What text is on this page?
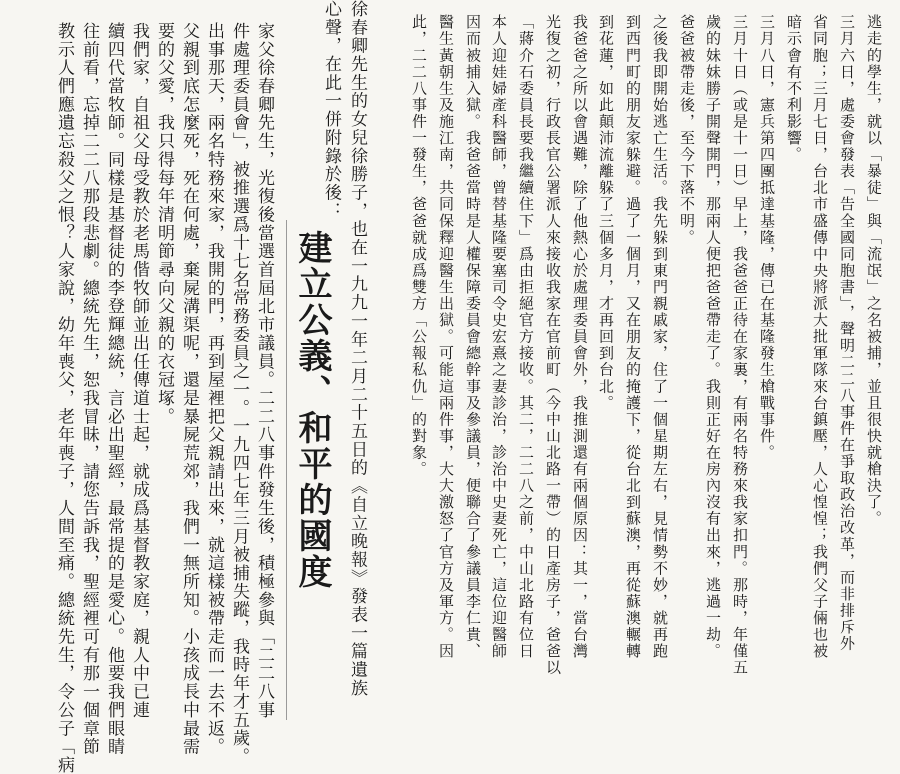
逃走的學生，就以「暴徒」與「流氓」之名被捕，並且很快就槍決了。
三月六日，處委會發表「告全國同胞書」，聲明二二八事件在爭取政治改革，而非排斥外
省同胞；三月七日，台北市盛傳中央將派大批軍隊來台鎮壓，人心惶惶；我們父子倆也被
暗示會有不利影響。
三月八日，憲兵第四團抵達基隆，傳已在基隆發生槍戰事件。
三月十日（或是十一日）早上，我爸爸正待在家裏，有兩名特務來我家扣門。那時，年僅五
歲的妹妹勝子開聲開門，那兩人便把爸爸帶走了。我則正好在房內沒有出來，逃過一劫。
爸爸被帶走後，至今下落不明。
之後我即開始逃亡生活。我先躲到東門親戚家，住了一個星期左右，見情勢不妙，就再跑
到西門町的朋友家躲避。過了一個月，又在朋友的掩護下，從台北到蘇澳，再從蘇澳輾轉
到花蓮，如此顛沛流離躲了三個多月，才再回到台北。
我爸爸之所以會遇難，除了他熱心於處理委員會外，我推測還有兩個原因：其一，當台灣
光復之初，行政長官公署派人來接收我家在官前町（今中山北路一帶）的日產房子，爸爸以
「蔣介石委員長要我繼續住下」爲由拒絕官方接收。其二，二二八之前，中山北路有位日
本人迎娃婦產科醫師，曾替基隆要塞司令史宏熹之妻診治，診治中史妻死亡，這位迎醫師
因而被捕入獄。我爸爸當時是人權保障委員會總幹事及參議員，便聯合了參議員李仁貴、
醫生黃朝生及施江南，共同保釋迎醫生出獄。可能這兩件事，大大激怒了官方及軍方。因
此，二二八事件一發生，爸爸就成爲雙方「公報私仇」的對象。
徐春卿先生的女兒徐勝子，也在一九九一年二月二十五日的《自立晚報》發表一篇遺族
心聲，在此一併附錄於後：
建立公義、和平的國度
家父徐春卿先生，光復後當選首屆北市議員。二二八事件發生後，積極參與「二二八事
件處理委員會」，被推選爲十七名常務委員之一。一九四七年三月被捕失蹤，我時年才五歲。
出事那天，兩名特務來家，我開的門，再到屋裡把父親請出來，就這樣被帶走而一去不返。
父親到底怎麼死，死在何處，棄屍溝渠呢，還是暴屍荒郊，我們一無所知。小孩成長中最需
要的父愛，我只得每年清明節尋向父親的衣冠塚。
我們家，自祖父母受教於老馬偕牧師並出任傳道士起，就成爲基督教家庭，親人中已連
續四代當牧師。同樣是基督徒的李登輝總統，言必出聖經，最常提的是愛心。他要我們眼睛
往前看，忘掉二二八那段悲劇。總統先生，恕我冒昧，請您告訴我，聖經裡可有那一個章節
教示人們應遺忘殺父之恨？人家說，幼年喪父，老年喪子，人間至痛。總統先生，令公子「病
